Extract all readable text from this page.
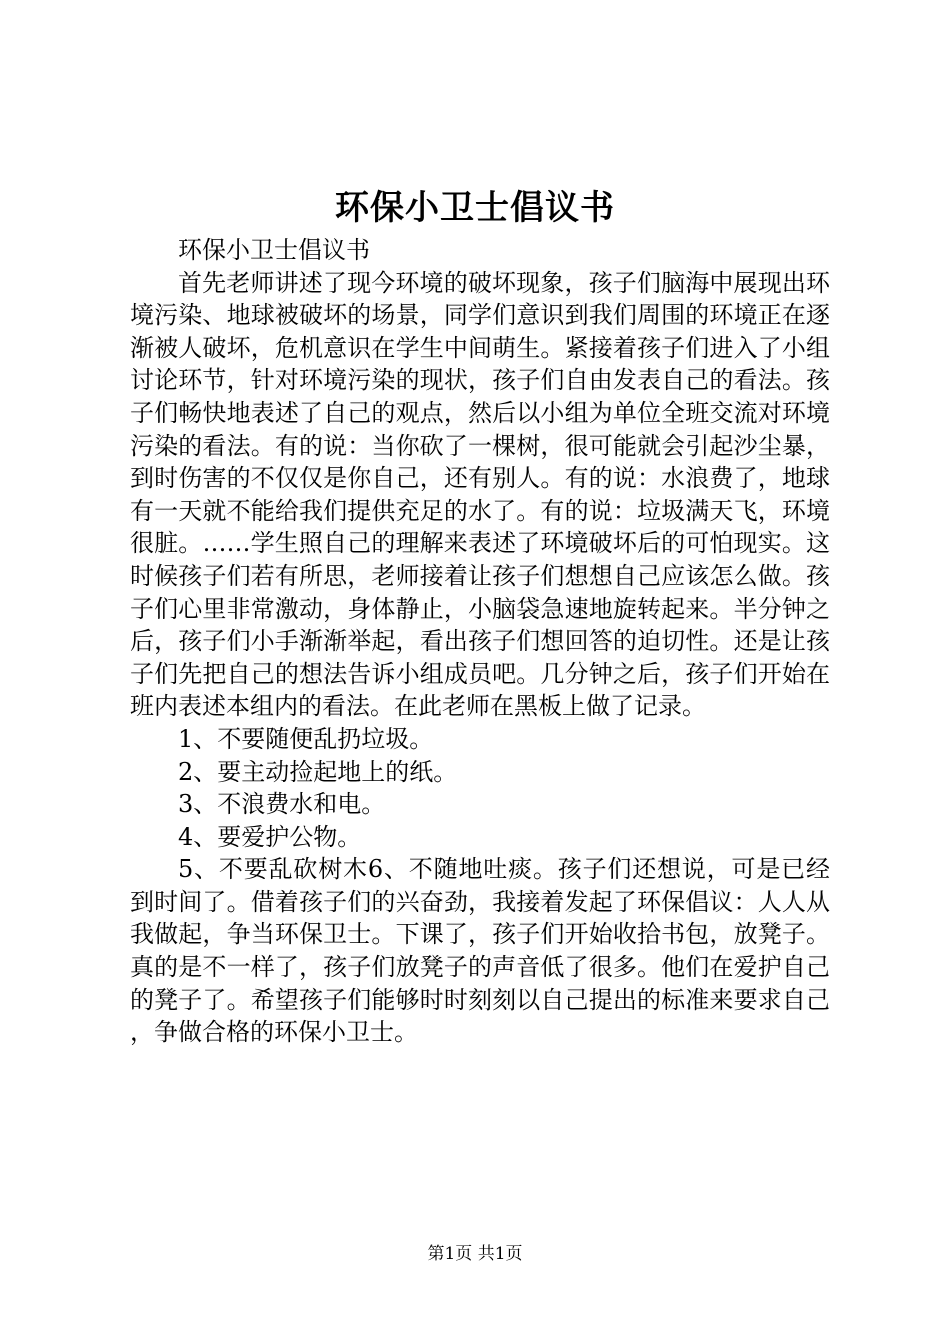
环保小卫士倡议书

环保小卫士倡议书

首先老师讲述了现今环境的破坏现象，孩子们脑海中展现出环境污染、地球被破坏的场景，同学们意识到我们周围的环境正在逐渐被人破坏，危机意识在学生中间萌生。紧接着孩子们进入了小组讨论环节，针对环境污染的现状，孩子们自由发表自己的看法。孩子们畅快地表述了自己的观点，然后以小组为单位全班交流对环境污染的看法。有的说：当你砍了一棵树，很可能就会引起沙尘暴，到时伤害的不仅仅是你自己，还有别人。有的说：水浪费了，地球有一天就不能给我们提供充足的水了。有的说：垃圾满天飞，环境很脏。……学生照自己的理解来表述了环境破坏后的可怕现实。这时候孩子们若有所思，老师接着让孩子们想想自己应该怎么做。孩子们心里非常激动，身体静止，小脑袋急速地旋转起来。半分钟之后，孩子们小手渐渐举起，看出孩子们想回答的迫切性。还是让孩子们先把自己的想法告诉小组成员吧。几分钟之后，孩子们开始在班内表述本组内的看法。在此老师在黑板上做了记录。

1、不要随便乱扔垃圾。

2、要主动捡起地上的纸。

3、不浪费水和电。

4、要爱护公物。

5、不要乱砍树木6、不随地吐痰。孩子们还想说，可是已经到时间了。借着孩子们的兴奋劲，我接着发起了环保倡议：人人从我做起，争当环保卫士。下课了，孩子们开始收拾书包，放凳子。真的是不一样了，孩子们放凳子的声音低了很多。他们在爱护自己的凳子了。希望孩子们能够时时刻刻以自己提出的标准来要求自己，争做合格的环保小卫士。

第1页 共1页
